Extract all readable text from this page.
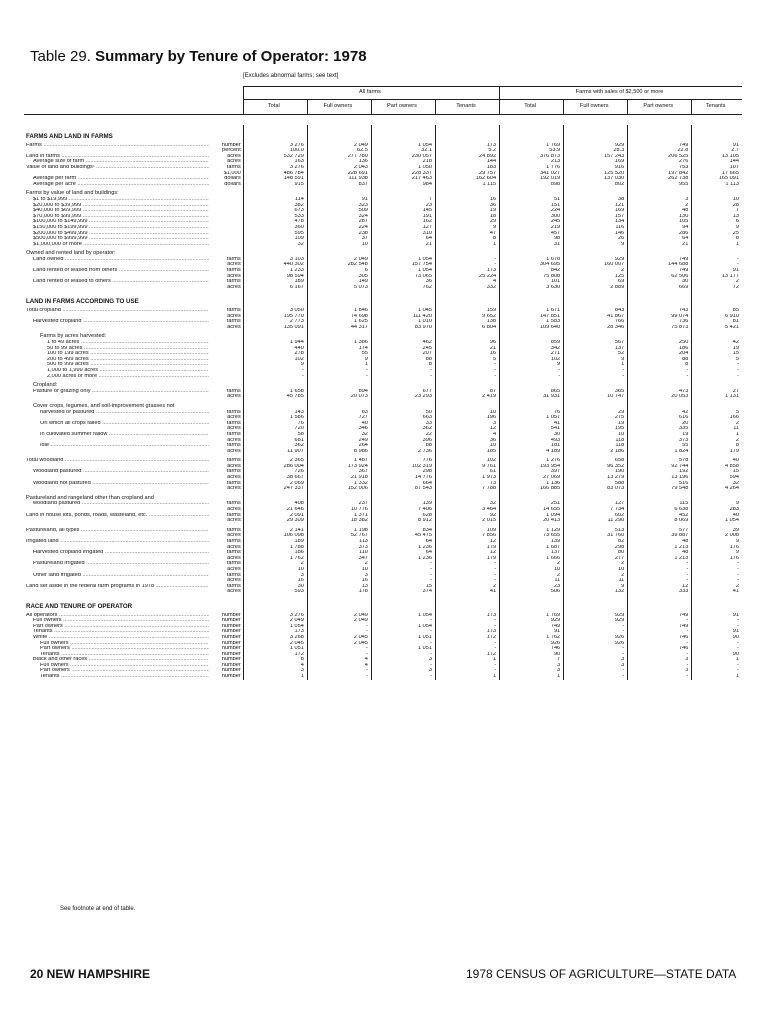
Table 29. Summary by Tenure of Operator: 1978
[Excludes abnormal farms; see text]
		All farms				Farms with sales of $2,500 or more			
		Total	Full owners	Part owners	Tenants	Total	Full owners	Part owners	Tenants

FARMS AND LAND IN FARMS									
Farms .....	number	3 276	2 049	1 054	173	1 769	929	749	91
	percent	100.0	62.5	32.1	5.2	53.9	28.3	22.8	2.7
Land in farms .....	acres	532 729	277 780	230 057	24 892	376 873	157 243	206 525	13 105
Average size of farm .....	acres	163	136	218	144	213	169	276	144
Value of land and buildings¹ .....	farms	3 276	2 043	1 050	183	1 776	916	753	107
	$1,000	486 784	228 691	228 337	29 757	341 027	125 520	197 842	17 665
Average per farm .....	dollars	148 591	111 938	217 463	162 604	192 019	137 030	262 738	165 091
Average per acre .....	dollars	915	837	984	1 115	898	802	955	1 113
Farms by value of land and buildings:									
$1 to $19,999 .....		114	91	7	16	51	38	3	10
$20,000 to $39,999 .....		382	323	23	36	151	121	2	28
$40,000 to $69,999 .....		673	509	145	19	224	169	48	7
$70,000 to $99,999 .....		533	324	191	18	300	157	130	13
$100,000 to $149,999 .....		478	287	162	29	245	134	105	6
$150,000 to $199,999 .....		360	224	127	9	219	116	94	9
$200,000 to $499,999 .....		595	238	310	47	457	146	286	25
$500,000 to $999,999 .....		109	37	64	8	98	26	64	8
$1,000,000 or more .....		32	10	21	1	31	9	21	1
Owned and rented land by operator:									
Land owned .....	farms	3 103	2 049	1 054	-	1 678	929	749	-
	acres	440 302	282 548	157 754	-	304 695	160 007	144 688	-
Land rented or leased from others .....	farms	1 233	6	1 054	173	842	2	749	91
	acres	98 594	305	73 065	25 224	75 808	125	62 506	13 177
Land rented or leased to others .....	farms	189	149	36	4	101	69	30	2
	acres	6 167	5 073	762	332	3 630	2 889	669	72
LAND IN FARMS ACCORDING TO USE									
Total cropland .....	farms	3 050	1 846	1 045	159	1 671	843	743	85
	acres	195 770	74 698	111 420	9 652	147 851	41 867	99 074	6 910
Harvested cropland .....	farms	2 773	1 625	1 010	138	1 583	766	736	81
	acres	135 091	44 317	83 970	6 804	109 640	28 346	75 873	5 421
Farms by acres harvested:									
1 to 49 acres .....		1 944	1 386	462	96	859	567	250	42
50 to 99 acres .....		440	174	245	21	342	137	186	19
100 to 199 acres .....		278	55	207	16	271	52	204	15
200 to 499 acres .....		102	9	88	5	102	9	88	5
500 to 999 acres .....		9	1	8	-	9	1	8	-
1,000 to 1,999 acres .....		-	-	-	-	-	-	-	-
2,000 acres or more .....		-	-	-	-	-	-	-	-
Cropland:									
Pasture or grazing only .....	farms	1 658	894	677	87	865	365	473	27
	acres	45 785	20 073	23 293	2 419	31 931	10 747	20 053	1 131
Cover crops, legumes, and soil-improvement grasses not									
harvested or pastured .....	farms	143	83	50	10	76	29	42	5
	acres	1 586	727	663	196	1 057	275	616	166
On which all crops failed .....	farms	76	40	33	3	41	19	20	2
	acres	720	346	362	12	541	195	335	11
In cultivated summer fallow .....	farms	58	32	22	4	30	10	19	1
	acres	681	249	396	36	493	118	373	2
Idle .....	farms	362	264	88	10	181	118	55	8
	acres	11 907	8 986	2 736	185	4 189	2 186	1 824	179

Total woodland .....	farms	2 365	1 487	776	102	1 276	658	578	40
	acres	286 004	173 924	102 319	9 761	193 954	96 352	92 744	4 858
Woodland pastured .....	farms	726	367	298	61	397	190	192	15
	acres	38 667	21 918	14 776	1 973	27 069	13 279	13 196	594
Woodland not pastured .....	farms	2 069	1 332	664	73	1 136	588	516	32
	acres	247 337	152 006	87 543	7 788	166 885	83 073	79 548	4 264
Pastureland and rangeland other than cropland and									
woodland pastured .....	farms	408	237	139	32	251	127	115	9
	acres	21 646	10 776	7 406	3 464	14 655	7 734	6 638	283
Land in house lots, ponds, roads, wasteland, etc. .....	farms	2 091	1 371	628	92	1 094	602	452	40
	acres	29 309	18 382	8 912	2 015	20 413	11 290	8 069	1 054

Pastureland, all types .....	farms	2 141	1 198	834	109	1 129	513	577	39
	acres	106 098	52 767	45 475	7 856	73 655	31 760	39 887	2 008
Irrigated land .....	farms	189	113	64	12	139	82	48	9
	acres	1 788	373	1 236	179	1 687	298	1 213	176
Harvested cropland irrigated .....	farms	186	110	64	12	137	80	48	9
	acres	1 762	347	1 236	179	1 666	277	1 213	176
Pastureland irrigated .....	farms	2	2	-	-	2	2	-	-
	acres	10	10	-	-	10	10	-	-
Other land irrigated .....	farms	3	3	-	-	2	2	-	-
	acres	16	16	-	-	11	11	-	-
Land set aside in the federal farm programs in 1978 .....	farms	30	13	15	2	23	9	12	2
	acres	593	178	374	41	506	132	333	41
RACE AND TENURE OF OPERATOR									
All operators .....	number	3 276	2 049	1 054	173	1 769	929	749	91
Full owners .....	number	2 049	2 049	-	-	929	929	-	-
Part owners .....	number	1 054	-	1 054	-	749	-	749	-
Tenants .....	number	173	-	-	173	91	-	-	91
White .....	number	3 268	2 045	1 051	172	1 762	926	746	90
Full owners .....	number	2 045	2 045	-	-	926	926	-	-
Part owners .....	number	1 051	-	1 051	-	746	-	746	-
Tenants .....	number	172	-	-	172	90	-	-	90
Black and other races .....	number	8	4	3	1	7	3	3	1
Full owners .....	number	4	4	-	-	3	3	-	-
Part owners .....	number	3	-	3	-	3	-	3	-
Tenants .....	number	1	-	-	1	1	-	-	1
See footnote at end of table.
20 NEW HAMPSHIRE	1978 CENSUS OF AGRICULTURE—STATE DATA
